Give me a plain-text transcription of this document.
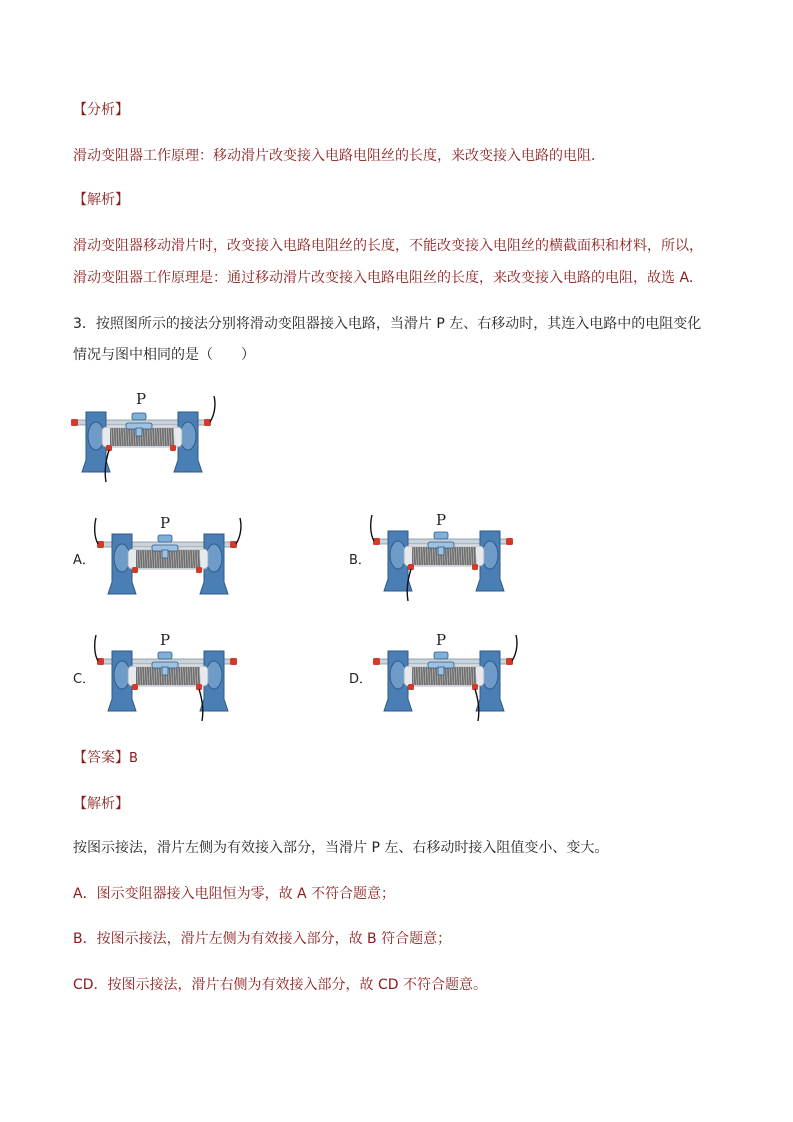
【分析】
滑动变阻器工作原理：移动滑片改变接入电路电阻丝的长度，来改变接入电路的电阻．
【解析】
滑动变阻器移动滑片时，改变接入电路电阻丝的长度，不能改变接入电阻丝的横截面积和材料，所以，
滑动变阻器工作原理是：通过移动滑片改变接入电路电阻丝的长度，来改变接入电路的电阻，故选 A．
3．按照图所示的接法分别将滑动变阻器接入电路，当滑片 P 左、右移动时，其连入电路中的电阻变化
情况与图中相同的是（　　）
P
A．
P
B．
P
C．
P
D．
P
【答案】B
【解析】
按图示接法，滑片左侧为有效接入部分，当滑片 P 左、右移动时接入阻值变小、变大。
A．图示变阻器接入电阻恒为零，故 A 不符合题意；
B．按图示接法，滑片左侧为有效接入部分，故 B 符合题意；
CD．按图示接法，滑片右侧为有效接入部分，故 CD 不符合题意。
